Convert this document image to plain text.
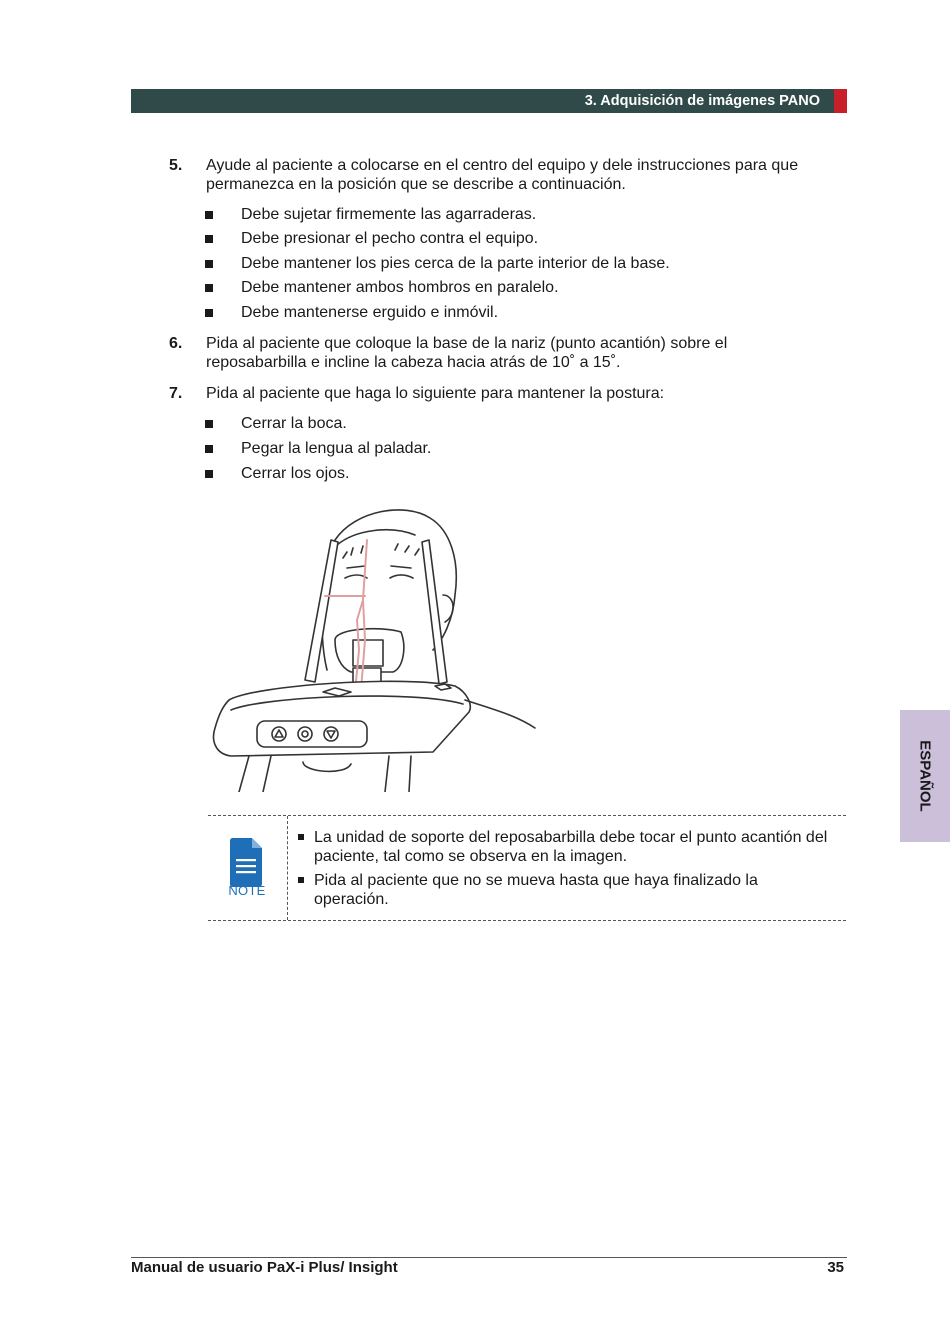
3. Adquisición de imágenes PANO
5. Ayude al paciente a colocarse en el centro del equipo y dele instrucciones para que permanezca en la posición que se describe a continuación.
Debe sujetar firmemente las agarraderas.
Debe presionar el pecho contra el equipo.
Debe mantener los pies cerca de la parte interior de la base.
Debe mantener ambos hombros en paralelo.
Debe mantenerse erguido e inmóvil.
6. Pida al paciente que coloque la base de la nariz (punto acantión) sobre el reposabarbilla e incline la cabeza hacia atrás de 10˚ a 15˚.
7. Pida al paciente que haga lo siguiente para mantener la postura:
Cerrar la boca.
Pegar la lengua al paladar.
Cerrar los ojos.
NOTE
La unidad de soporte del reposabarbilla debe tocar el punto acantión del paciente, tal como se observa en la imagen.
Pida al paciente que no se mueva hasta que haya finalizado la operación.
ESPAÑOL
Manual de usuario PaX-i Plus/ Insight	35
